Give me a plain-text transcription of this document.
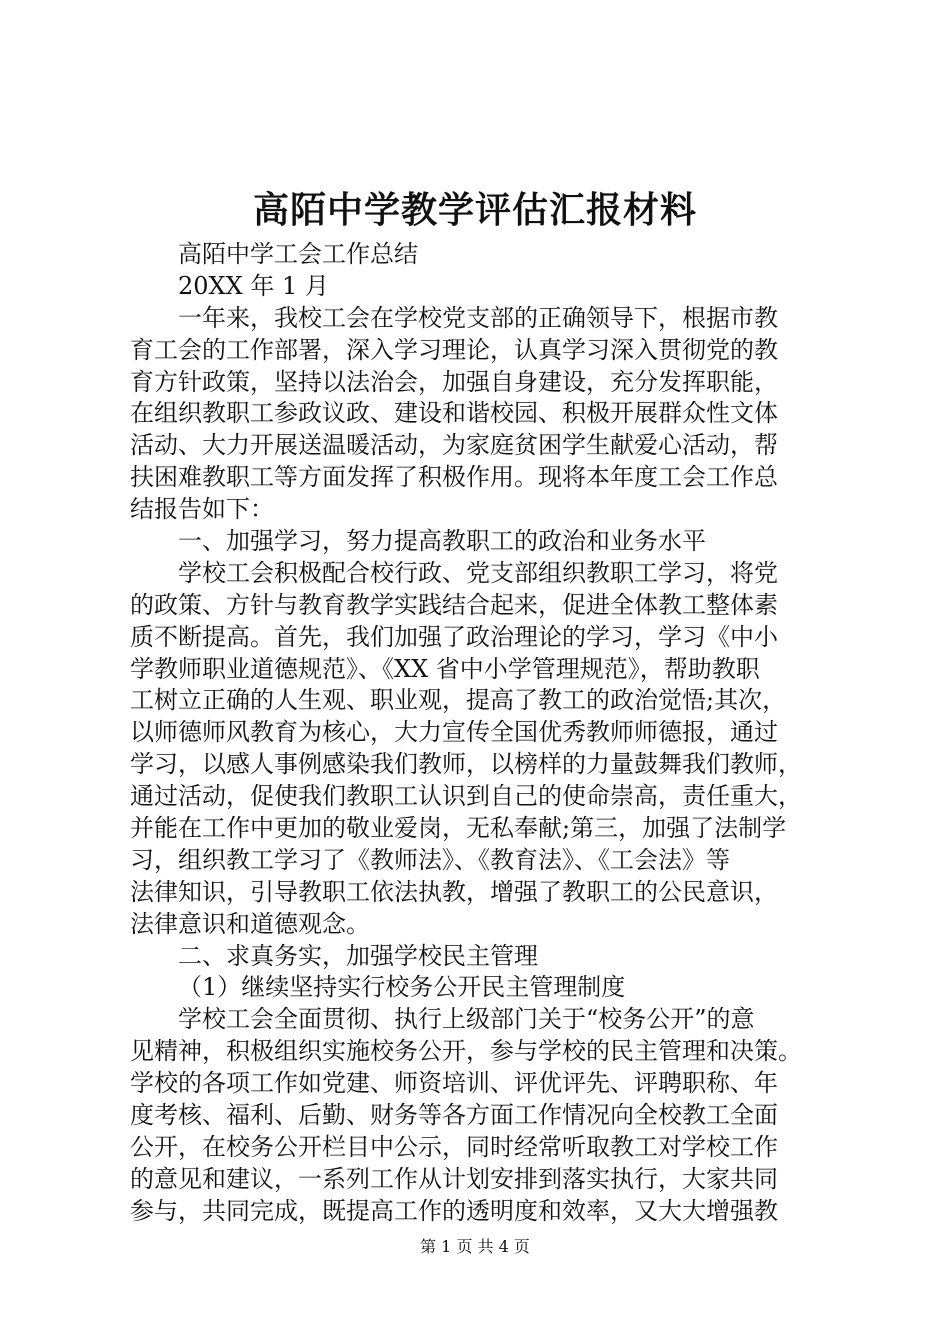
高陌中学教学评估汇报材料
高陌中学工会工作总结
20XX 年 1 月
一年来，我校工会在学校党支部的正确领导下，根据市教
育工会的工作部署，深入学习理论，认真学习深入贯彻党的教
育方针政策，坚持以法治会，加强自身建设，充分发挥职能，
在组织教职工参政议政、建设和谐校园、积极开展群众性文体
活动、大力开展送温暖活动，为家庭贫困学生献爱心活动，帮
扶困难教职工等方面发挥了积极作用。现将本年度工会工作总
结报告如下：
一、加强学习，努力提高教职工的政治和业务水平
学校工会积极配合校行政、党支部组织教职工学习，将党
的政策、方针与教育教学实践结合起来，促进全体教工整体素
质不断提高。首先，我们加强了政治理论的学习，学习《中小
学教师职业道德规范》、《XX 省中小学管理规范》，帮助教职
工树立正确的人生观、职业观，提高了教工的政治觉悟;其次，
以师德师风教育为核心，大力宣传全国优秀教师师德报，通过
学习，以感人事例感染我们教师，以榜样的力量鼓舞我们教师，
通过活动，促使我们教职工认识到自己的使命崇高，责任重大，
并能在工作中更加的敬业爱岗，无私奉献;第三，加强了法制学
习，组织教工学习了《教师法》、《教育法》、《工会法》等
法律知识，引导教职工依法执教，增强了教职工的公民意识，
法律意识和道德观念。
二、求真务实，加强学校民主管理
（1）继续坚持实行校务公开民主管理制度
学校工会全面贯彻、执行上级部门关于“校务公开”的意
见精神，积极组织实施校务公开，参与学校的民主管理和决策。
学校的各项工作如党建、师资培训、评优评先、评聘职称、年
度考核、福利、后勤、财务等各方面工作情况向全校教工全面
公开，在校务公开栏目中公示，同时经常听取教工对学校工作
的意见和建议，一系列工作从计划安排到落实执行，大家共同
参与，共同完成，既提高工作的透明度和效率，又大大增强教
第 1 页 共 4 页
